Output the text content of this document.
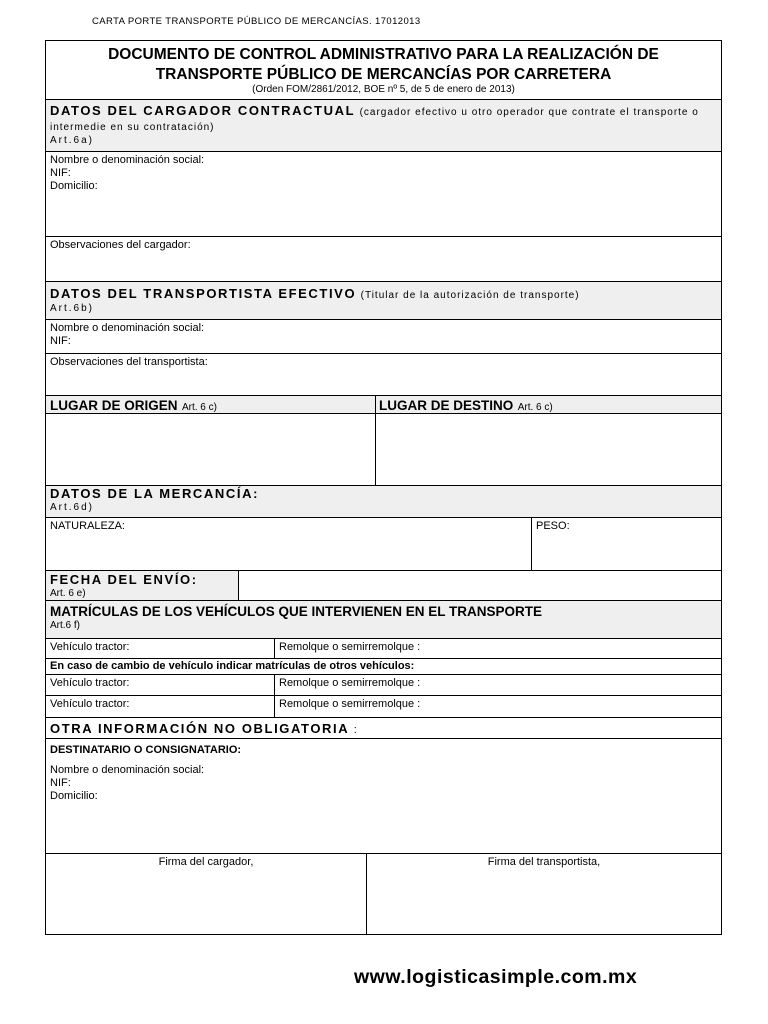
CARTA PORTE TRANSPORTE PÚBLICO DE MERCANCÍAS. 17012013
DOCUMENTO DE CONTROL ADMINISTRATIVO PARA LA REALIZACIÓN DE
TRANSPORTE PÚBLICO DE MERCANCÍAS POR CARRETERA
(Orden FOM/2861/2012, BOE nº 5, de 5 de enero de 2013)
DATOS DEL CARGADOR CONTRACTUAL (cargador efectivo u otro operador que contrate el transporte o intermedie en su contratación)
Art.6a)
Nombre o denominación social:
NIF:
Domicilio:
Observaciones del cargador:
DATOS DEL TRANSPORTISTA EFECTIVO (Titular de la autorización de transporte)
Art.6b)
Nombre o denominación social:
NIF:
Observaciones del transportista:
LUGAR DE ORIGEN Art. 6 c)	LUGAR DE DESTINO Art. 6 c)
DATOS DE LA MERCANCÍA:
Art.6d)
NATURALEZA:	PESO:
FECHA DEL ENVÍO:
Art. 6 e)
MATRÍCULAS DE LOS VEHÍCULOS QUE INTERVIENEN EN EL TRANSPORTE
Art.6 f)
Vehículo tractor:	Remolque o semirremolque :
En caso de cambio de vehículo indicar matrículas de otros vehículos:
Vehículo tractor:	Remolque o semirremolque :
Vehículo tractor:	Remolque o semirremolque :
OTRA INFORMACIÓN NO OBLIGATORIA :
DESTINATARIO O CONSIGNATARIO:
Nombre o denominación social:
NIF:
Domicilio:
Firma del cargador,	Firma del transportista,
www.logisticasimple.com.mx
